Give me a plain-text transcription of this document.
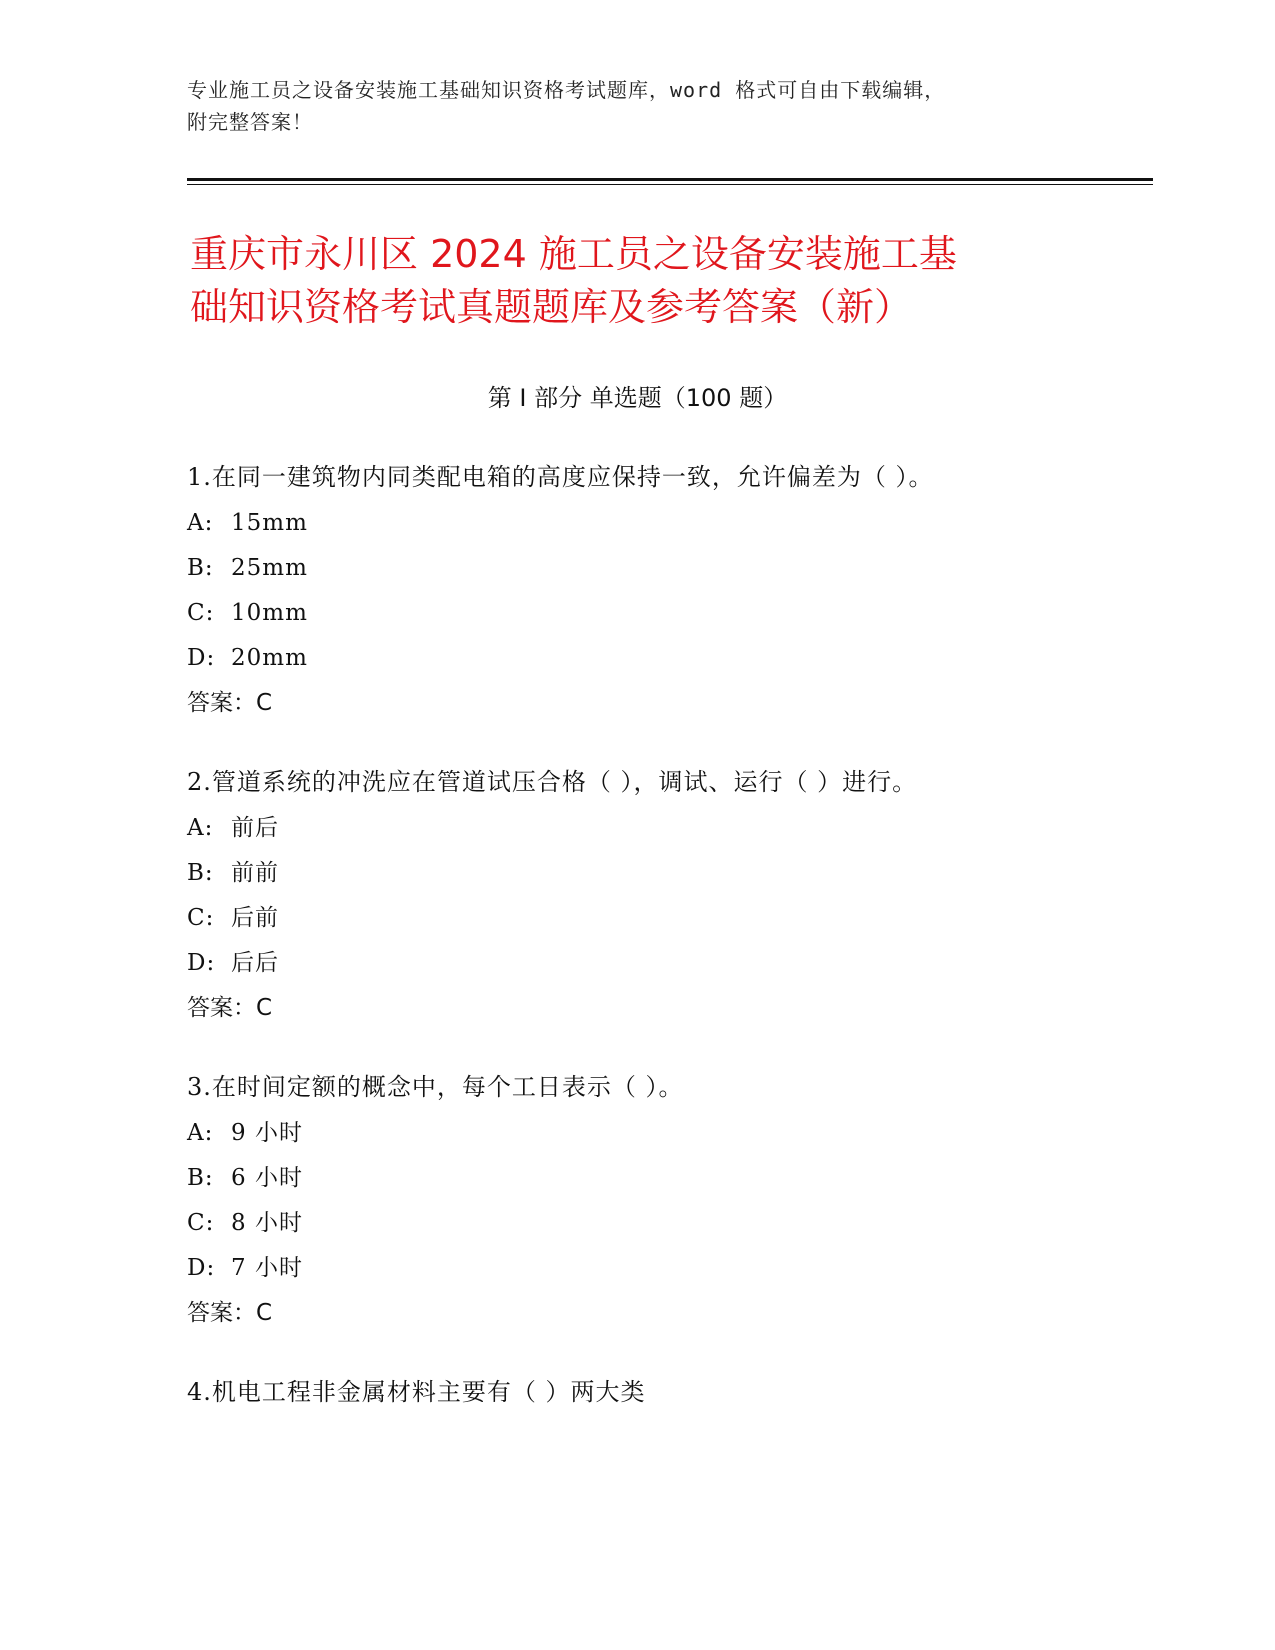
专业施工员之设备安装施工基础知识资格考试题库，word 格式可自由下载编辑，
附完整答案！
重庆市永川区 2024 施工员之设备安装施工基
础知识资格考试真题题库及参考答案（新）
第 I 部分 单选题（100 题）
1.在同一建筑物内同类配电箱的高度应保持一致，允许偏差为（ ）。
A: 15mm
B: 25mm
C: 10mm
D: 20mm
答案：C
2.管道系统的冲洗应在管道试压合格（ ），调试、运行（ ）进行。
A: 前后
B: 前前
C: 后前
D: 后后
答案：C
3.在时间定额的概念中，每个工日表示（ ）。
A: 9 小时
B: 6 小时
C: 8 小时
D: 7 小时
答案：C
4.机电工程非金属材料主要有（ ）两大类
